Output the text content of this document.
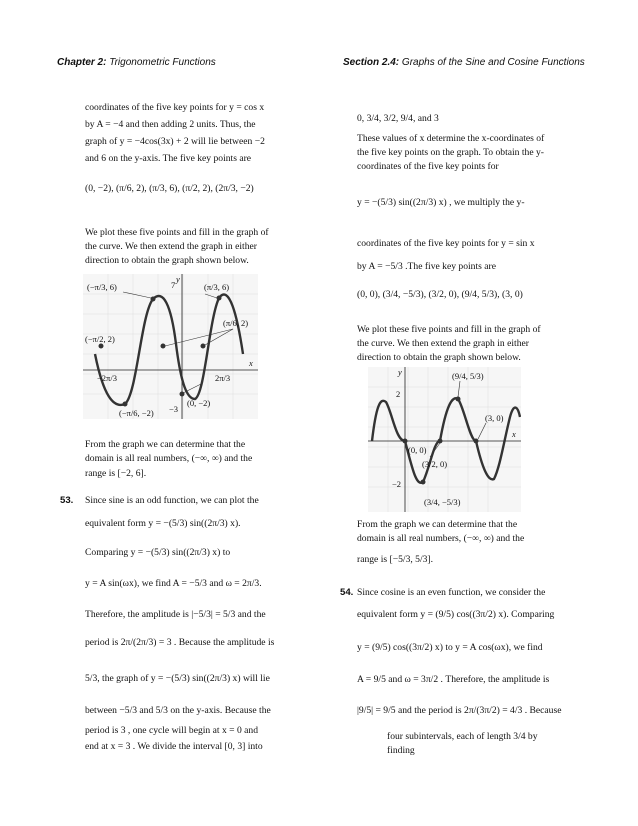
Chapter 2: Trigonometric Functions	Section 2.4: Graphs of the Sine and Cosine Functions
coordinates of the five key points for y = cos x
by A = −4 and then adding 2 units. Thus, the
graph of y = −4cos(3x) + 2 will lie between −2
and 6 on the y-axis. The five key points are
(0, −2), (π/6, 2), (π/3, 6), (π/2, 2), (2π/3, −2)
We plot these five points and fill in the graph of
the curve. We then extend the graph in either
direction to obtain the graph shown below.
(−π/3, 6)	(π/3, 6)
(π/6, 2)
(−π/2, 2)
(0, −2)
(−π/6, −2)
7
y
x
−2π/3	2π/3
−3
From the graph we can determine that the
domain is all real numbers, (−∞, ∞) and the
range is [−2, 6].
53. Since sine is an odd function, we can plot the
equivalent form y = −(5/3) sin((2π/3) x).
Comparing y = −(5/3) sin((2π/3) x) to
y = A sin(ωx), we find A = −5/3 and ω = 2π/3.
Therefore, the amplitude is |−5/3| = 5/3 and the
period is 2π/(2π/3) = 3 . Because the amplitude is
5/3, the graph of y = −(5/3) sin((2π/3) x) will lie
between −5/3 and 5/3 on the y-axis. Because the
period is 3 , one cycle will begin at x = 0 and
end at x = 3 . We divide the interval [0, 3] into
0, 3/4, 3/2, 9/4, and 3
These values of x determine the x-coordinates of
the five key points on the graph. To obtain the y-
coordinates of the five key points for
y = −(5/3) sin((2π/3) x) , we multiply the y-
coordinates of the five key points for y = sin x
by A = −5/3 .The five key points are
(0, 0), (3/4, −5/3), (3/2, 0), (9/4, 5/3), (3, 0)
We plot these five points and fill in the graph of
the curve. We then extend the graph in either
direction to obtain the graph shown below.
(9/4, 5/3)
(3, 0)
(0, 0)
(3/2, 0)
(3/4, −5/3)
2
−2
y
x
From the graph we can determine that the
domain is all real numbers, (−∞, ∞) and the
range is [−5/3, 5/3].
54. Since cosine is an even function, we consider the
equivalent form y = (9/5) cos((3π/2) x). Comparing
y = (9/5) cos((3π/2) x) to y = A cos(ωx), we find
A = 9/5 and ω = 3π/2 . Therefore, the amplitude is
|9/5| = 9/5 and the period is 2π/(3π/2) = 4/3 . Because
four subintervals, each of length 3/4 by
finding
